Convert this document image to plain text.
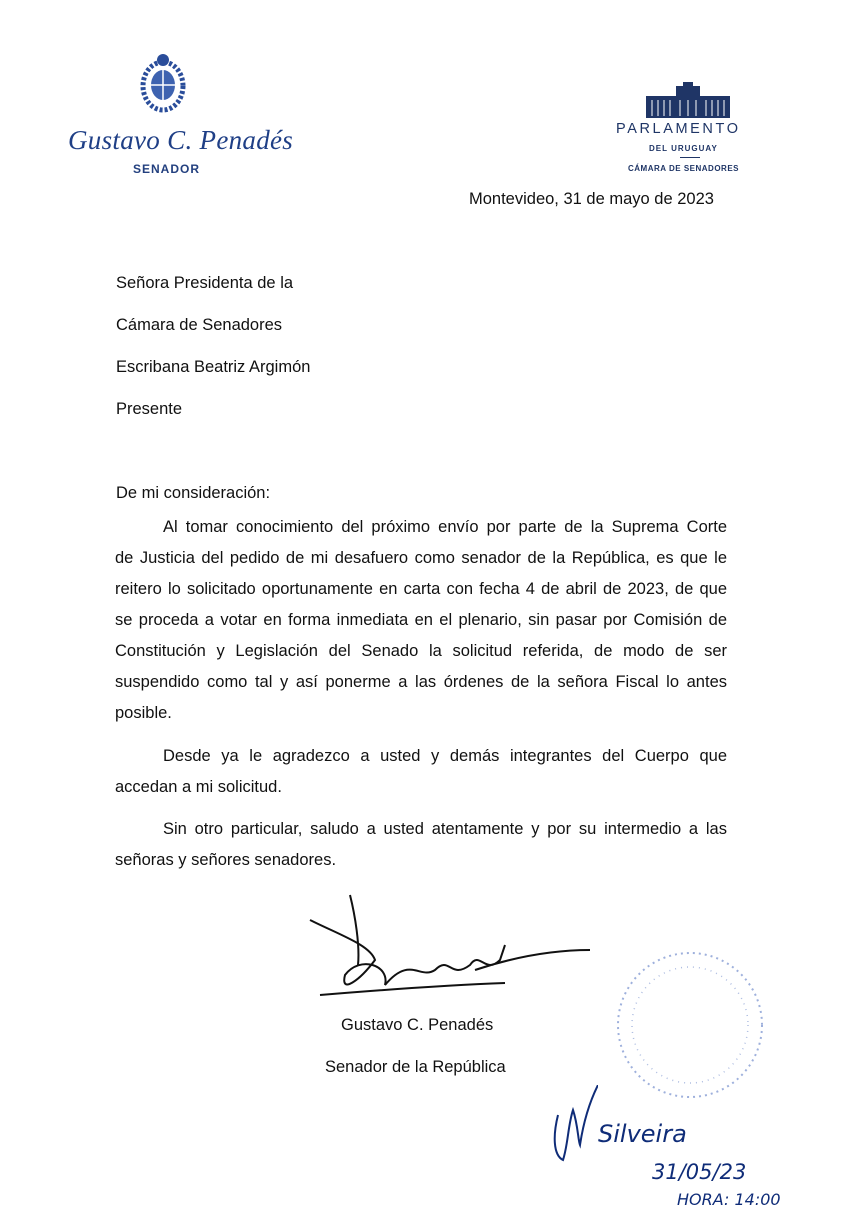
Gustavo C. Penadés
SENADOR
PARLAMENTO
DEL URUGUAY
CÁMARA DE SENADORES
Montevideo, 31 de mayo de 2023
Señora Presidenta de la
Cámara de Senadores
Escribana Beatriz Argimón
Presente
De mi consideración:
Al tomar conocimiento del próximo envío por parte de la Suprema Corte
de Justicia del pedido de mi desafuero como senador de la República, es que le
reitero lo solicitado oportunamente en carta con fecha 4 de abril de 2023, de que
se proceda a votar en forma inmediata en el plenario, sin pasar por Comisión de
Constitución y Legislación del Senado la solicitud referida, de modo de ser
suspendido como tal y así ponerme a las órdenes de la señora Fiscal lo antes
posible.
Desde ya le agradezco a usted y demás integrantes del Cuerpo que
accedan a mi solicitud.
Sin otro particular, saludo a usted atentamente y por su intermedio a las
señoras y señores senadores.
Gustavo C. Penadés
Senador de la República
Silveira
31/05/23
HORA: 14:00
